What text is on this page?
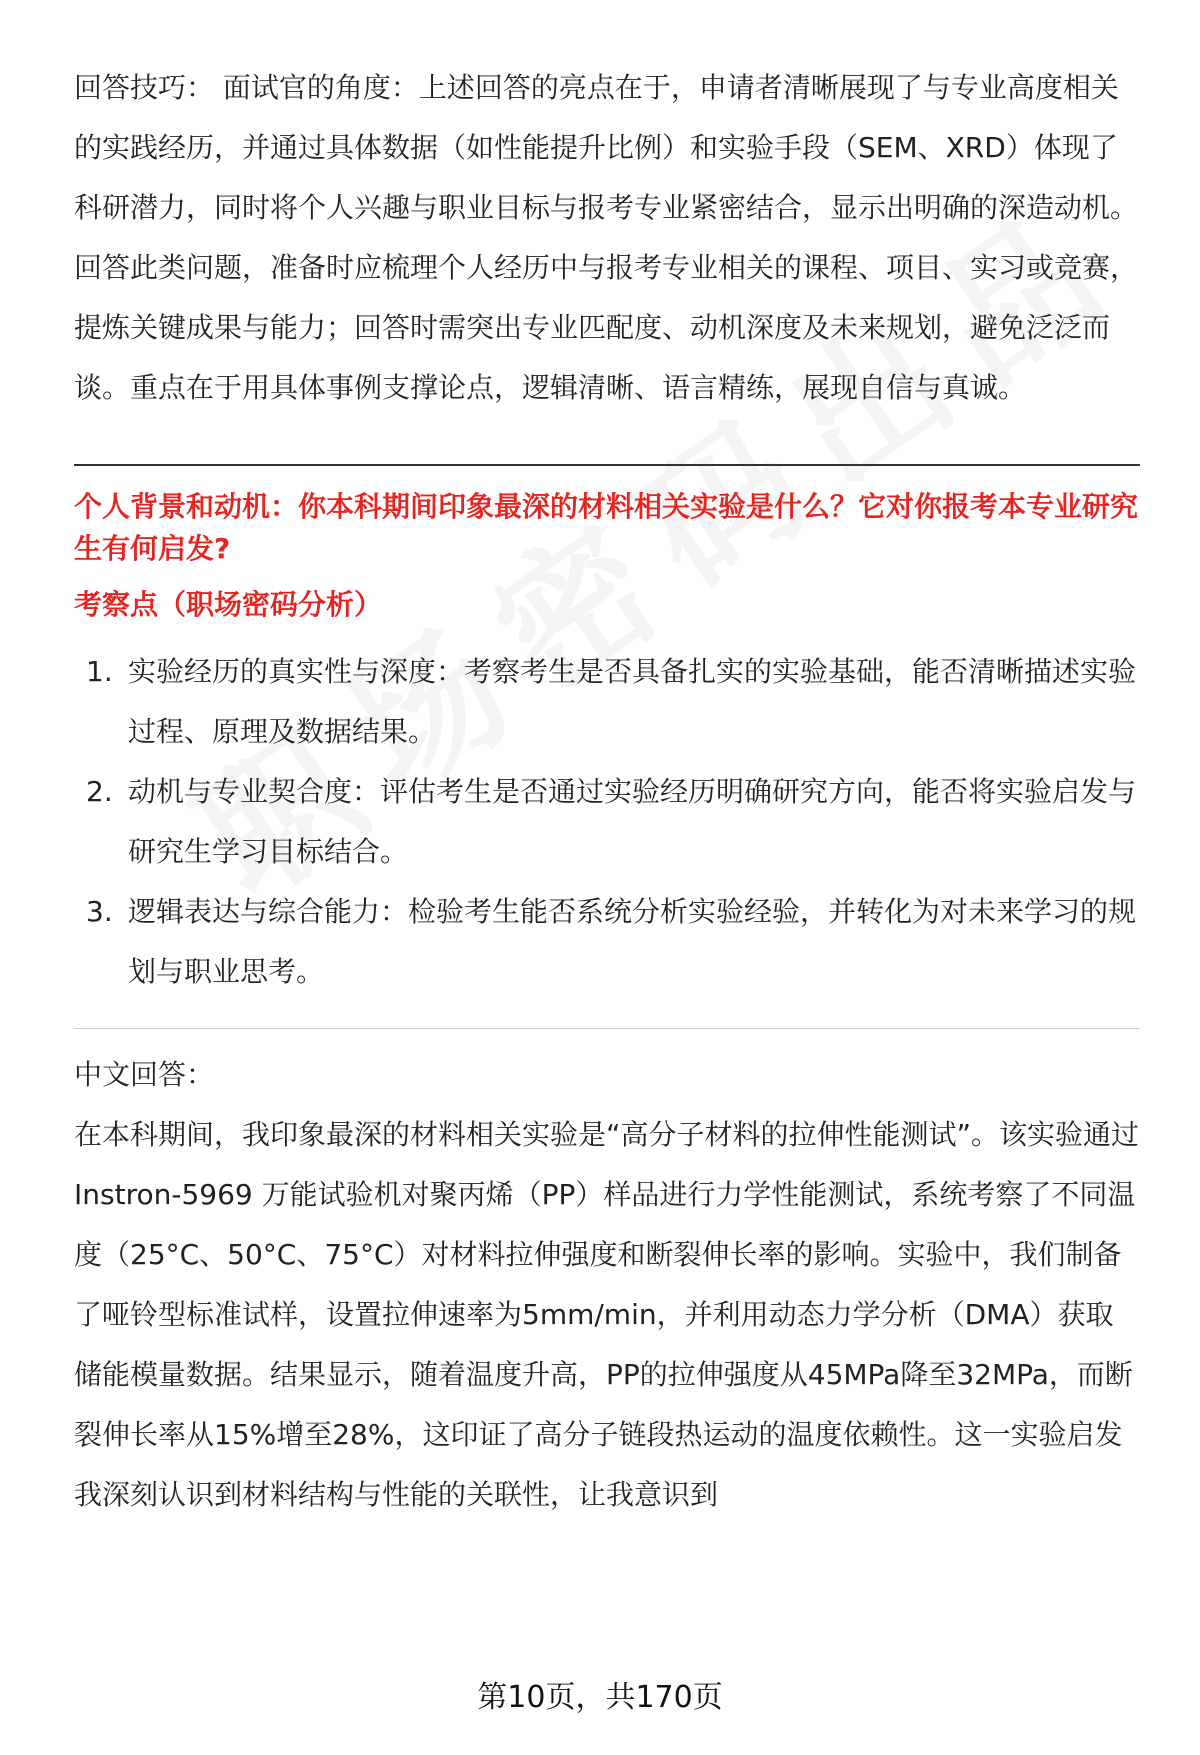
回答技巧： 面试官的角度：上述回答的亮点在于，申请者清晰展现了与专业高度相关的实践经历，并通过具体数据（如性能提升比例）和实验手段（SEM、XRD）体现了科研潜力，同时将个人兴趣与职业目标与报考专业紧密结合，显示出明确的深造动机。回答此类问题，准备时应梳理个人经历中与报考专业相关的课程、项目、实习或竞赛，提炼关键成果与能力；回答时需突出专业匹配度、动机深度及未来规划，避免泛泛而谈。重点在于用具体事例支撑论点，逻辑清晰、语言精练，展现自信与真诚。

个人背景和动机：你本科期间印象最深的材料相关实验是什么？它对你报考本专业研究生有何启发?

考察点（职场密码分析）

1. 实验经历的真实性与深度：考察考生是否具备扎实的实验基础，能否清晰描述实验过程、原理及数据结果。
2. 动机与专业契合度：评估考生是否通过实验经历明确研究方向，能否将实验启发与研究生学习目标结合。
3. 逻辑表达与综合能力：检验考生能否系统分析实验经验，并转化为对未来学习的规划与职业思考。

中文回答：

在本科期间，我印象最深的材料相关实验是“高分子材料的拉伸性能测试”。该实验通过 Instron-5969 万能试验机对聚丙烯（PP）样品进行力学性能测试，系统考察了不同温度（25°C、50°C、75°C）对材料拉伸强度和断裂伸长率的影响。实验中，我们制备了哑铃型标准试样，设置拉伸速率为5mm/min，并利用动态力学分析（DMA）获取储能模量数据。结果显示，随着温度升高，PP的拉伸强度从45MPa降至32MPa，而断裂伸长率从15%增至28%，这印证了高分子链段热运动的温度依赖性。这一实验启发我深刻认识到材料结构与性能的关联性，让我意识到

第10页，共170页
